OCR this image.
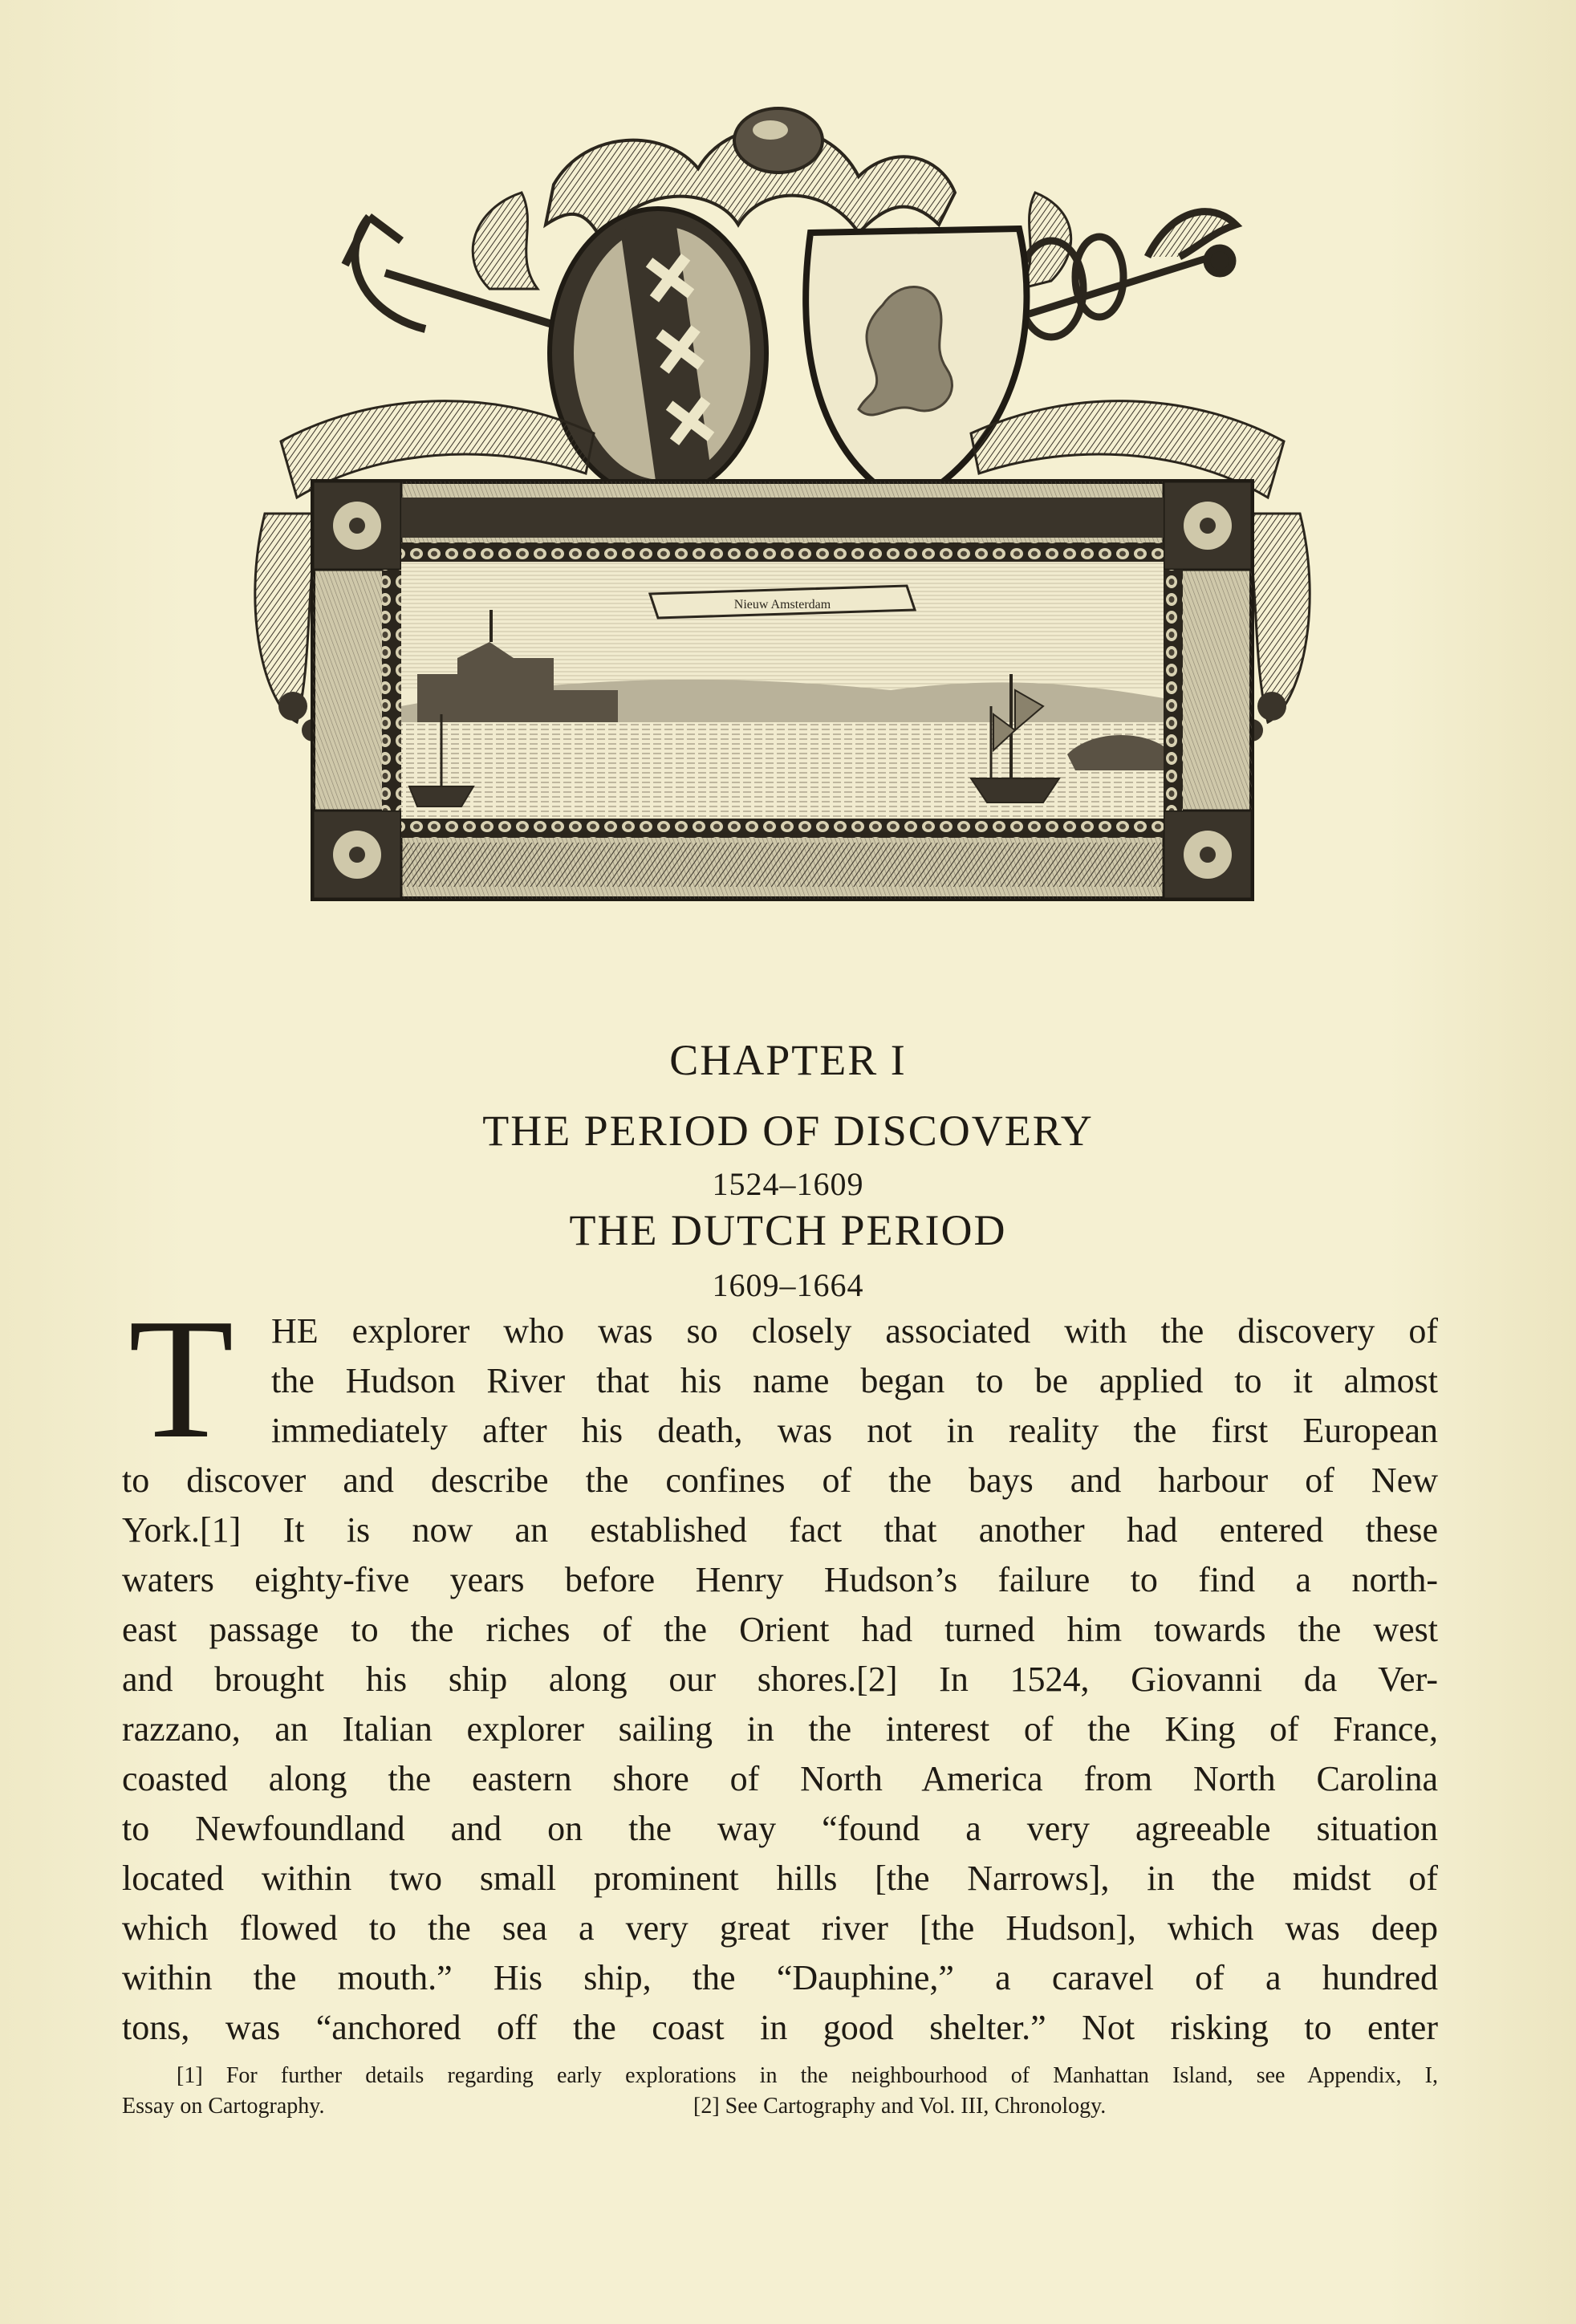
Nieuw Amsterdam
CHAPTER I
THE PERIOD OF DISCOVERY
1524–1609
THE DUTCH PERIOD
1609–1664
T	HE explorer who was so closely associated with the discovery of
the Hudson River that his name began to be applied to it almost
immediately after his death, was not in reality the first European
to discover and describe the confines of the bays and harbour of New
York.[1] It is now an established fact that another had entered these
waters eighty-five years before Henry Hudson’s failure to find a north-
east passage to the riches of the Orient had turned him towards the west
and brought his ship along our shores.[2] In 1524, Giovanni da Ver-
razzano, an Italian explorer sailing in the interest of the King of France,
coasted along the eastern shore of North America from North Carolina
to Newfoundland and on the way “found a very agreeable situation
located within two small prominent hills [the Narrows], in the midst of
which flowed to the sea a very great river [the Hudson], which was deep
within the mouth.” His ship, the “Dauphine,” a caravel of a hundred
tons, was “anchored off the coast in good shelter.” Not risking to enter
[1] For further details regarding early explorations in the neighbourhood of Manhattan Island, see Appendix, I,
Essay on Cartography.	[2] See Cartography and Vol. III, Chronology.
